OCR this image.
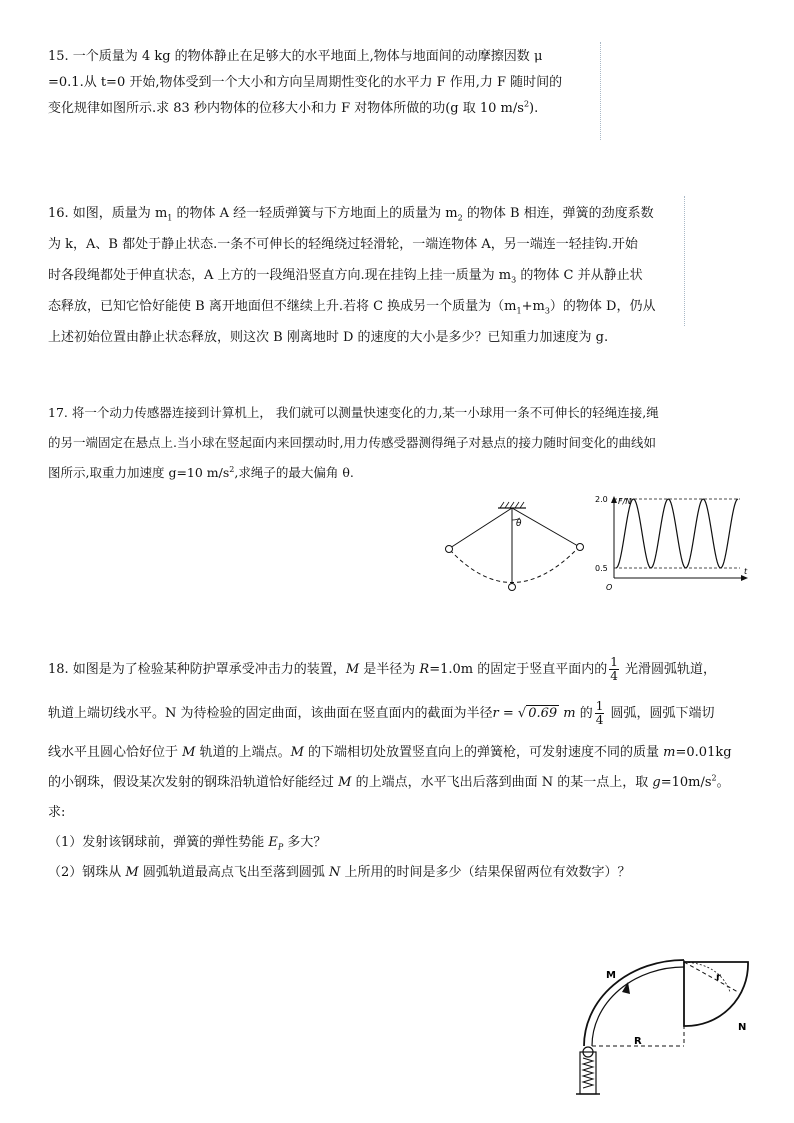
15. 一个质量为 4 kg 的物体静止在足够大的水平地面上,物体与地面间的动摩擦因数 μ

=0.1.从 t=0 开始,物体受到一个大小和方向呈周期性变化的水平力 F 作用,力 F 随时间的

变化规律如图所示.求 83 秒内物体的位移大小和力 F 对物体所做的功(g 取 10 $m/s^2$).

16. 如图，质量为 $m_1$ 的物体 A 经一轻质弹簧与下方地面上的质量为 $m_2$ 的物体 B 相连，弹簧的劲度系数

为 k，A、B 都处于静止状态.一条不可伸长的轻绳绕过轻滑轮，一端连物体 A，另一端连一轻挂钩.开始

时各段绳都处于伸直状态，A 上方的一段绳沿竖直方向.现在挂钩上挂一质量为 $m_3$ 的物体 C 并从静止状

态释放，已知它恰好能使 B 离开地面但不继续上升.若将 C 换成另一个质量为$(m_1+m_3)$的物体 D，仍从

上述初始位置由静止状态释放，则这次 B 刚离地时 D 的速度的大小是多少？已知重力加速度为 g.

17. 将一个动力传感器连接到计算机上， 我们就可以测量快速变化的力,某一小球用一条不可伸长的轻绳连接,绳

的另一端固定在悬点上.当小球在竖起面内来回摆动时,用力传感受器测得绳子对悬点的接力随时间变化的曲线如

图所示,取重力加速度 g=10 $m/s^2$,求绳子的最大偏角 θ.

θ
F/N
t
O
2.0
0.5

18. 如图是为了检验某种防护罩承受冲击力的装置，M 是半径为 R=1.0m 的固定于竖直平面内的 $\frac{1}{4}$ 光滑圆弧轨道，

轨道上端切线水平。N 为待检验的固定曲面，该曲面在竖直面内的截面为半径r = √ 0.69 m 的 $\frac{1}{4}$ 圆弧，圆弧下端切

线水平且圆心恰好位于 M 轨道的上端点。M 的下端相切处放置竖直向上的弹簧枪，可发射速度不同的质量 m=0.01kg

的小钢珠，假设某次发射的钢珠沿轨道恰好能经过 M 的上端点，水平飞出后落到曲面 N 的某一点上，取 $g=10m/s^2$。

求:

（1）发射该钢球前，弹簧的弹性势能 $E_P$ 多大？

（2）钢珠从 M 圆弧轨道最高点飞出至落到圆弧 N 上所用的时间是多少（结果保留两位有效数字）？

M	r
N
R
